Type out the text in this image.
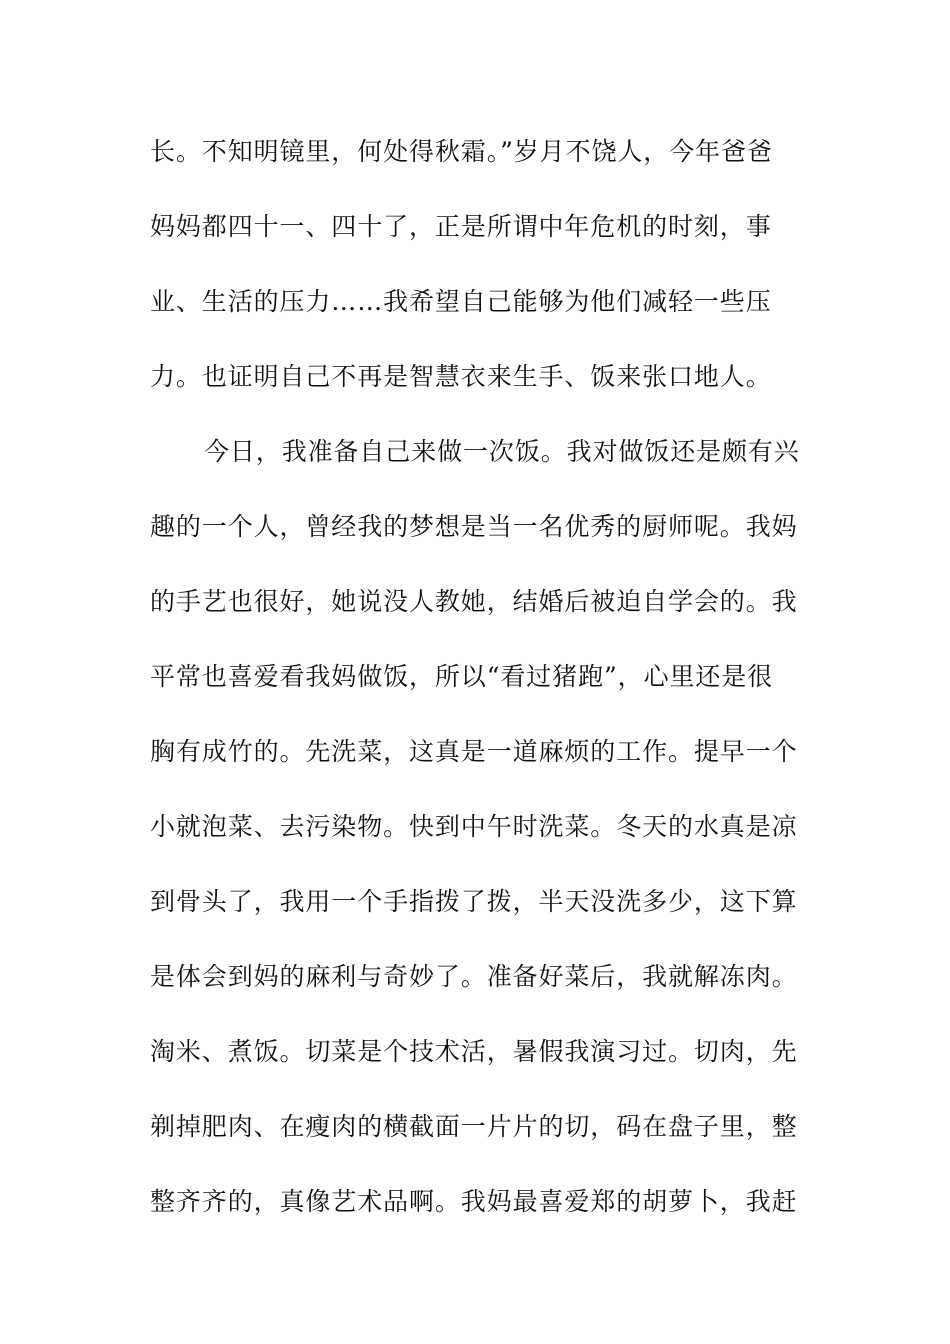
长。不知明镜里，何处得秋霜。”岁月不饶人，今年爸爸
妈妈都四十一、四十了，正是所谓中年危机的时刻，事
业、生活的压力……我希望自己能够为他们减轻一些压
力。也证明自己不再是智慧衣来生手、饭来张口地人。
今日，我准备自己来做一次饭。我对做饭还是颇有兴
趣的一个人，曾经我的梦想是当一名优秀的厨师呢。我妈
的手艺也很好，她说没人教她，结婚后被迫自学会的。我
平常也喜爱看我妈做饭，所以“看过猪跑”，心里还是很
胸有成竹的。先洗菜，这真是一道麻烦的工作。提早一个
小就泡菜、去污染物。快到中午时洗菜。冬天的水真是凉
到骨头了，我用一个手指拨了拨，半天没洗多少，这下算
是体会到妈的麻利与奇妙了。准备好菜后，我就解冻肉。
淘米、煮饭。切菜是个技术活，暑假我演习过。切肉，先
剃掉肥肉、在瘦肉的横截面一片片的切，码在盘子里，整
整齐齐的，真像艺术品啊。我妈最喜爱郑的胡萝卜，我赶
